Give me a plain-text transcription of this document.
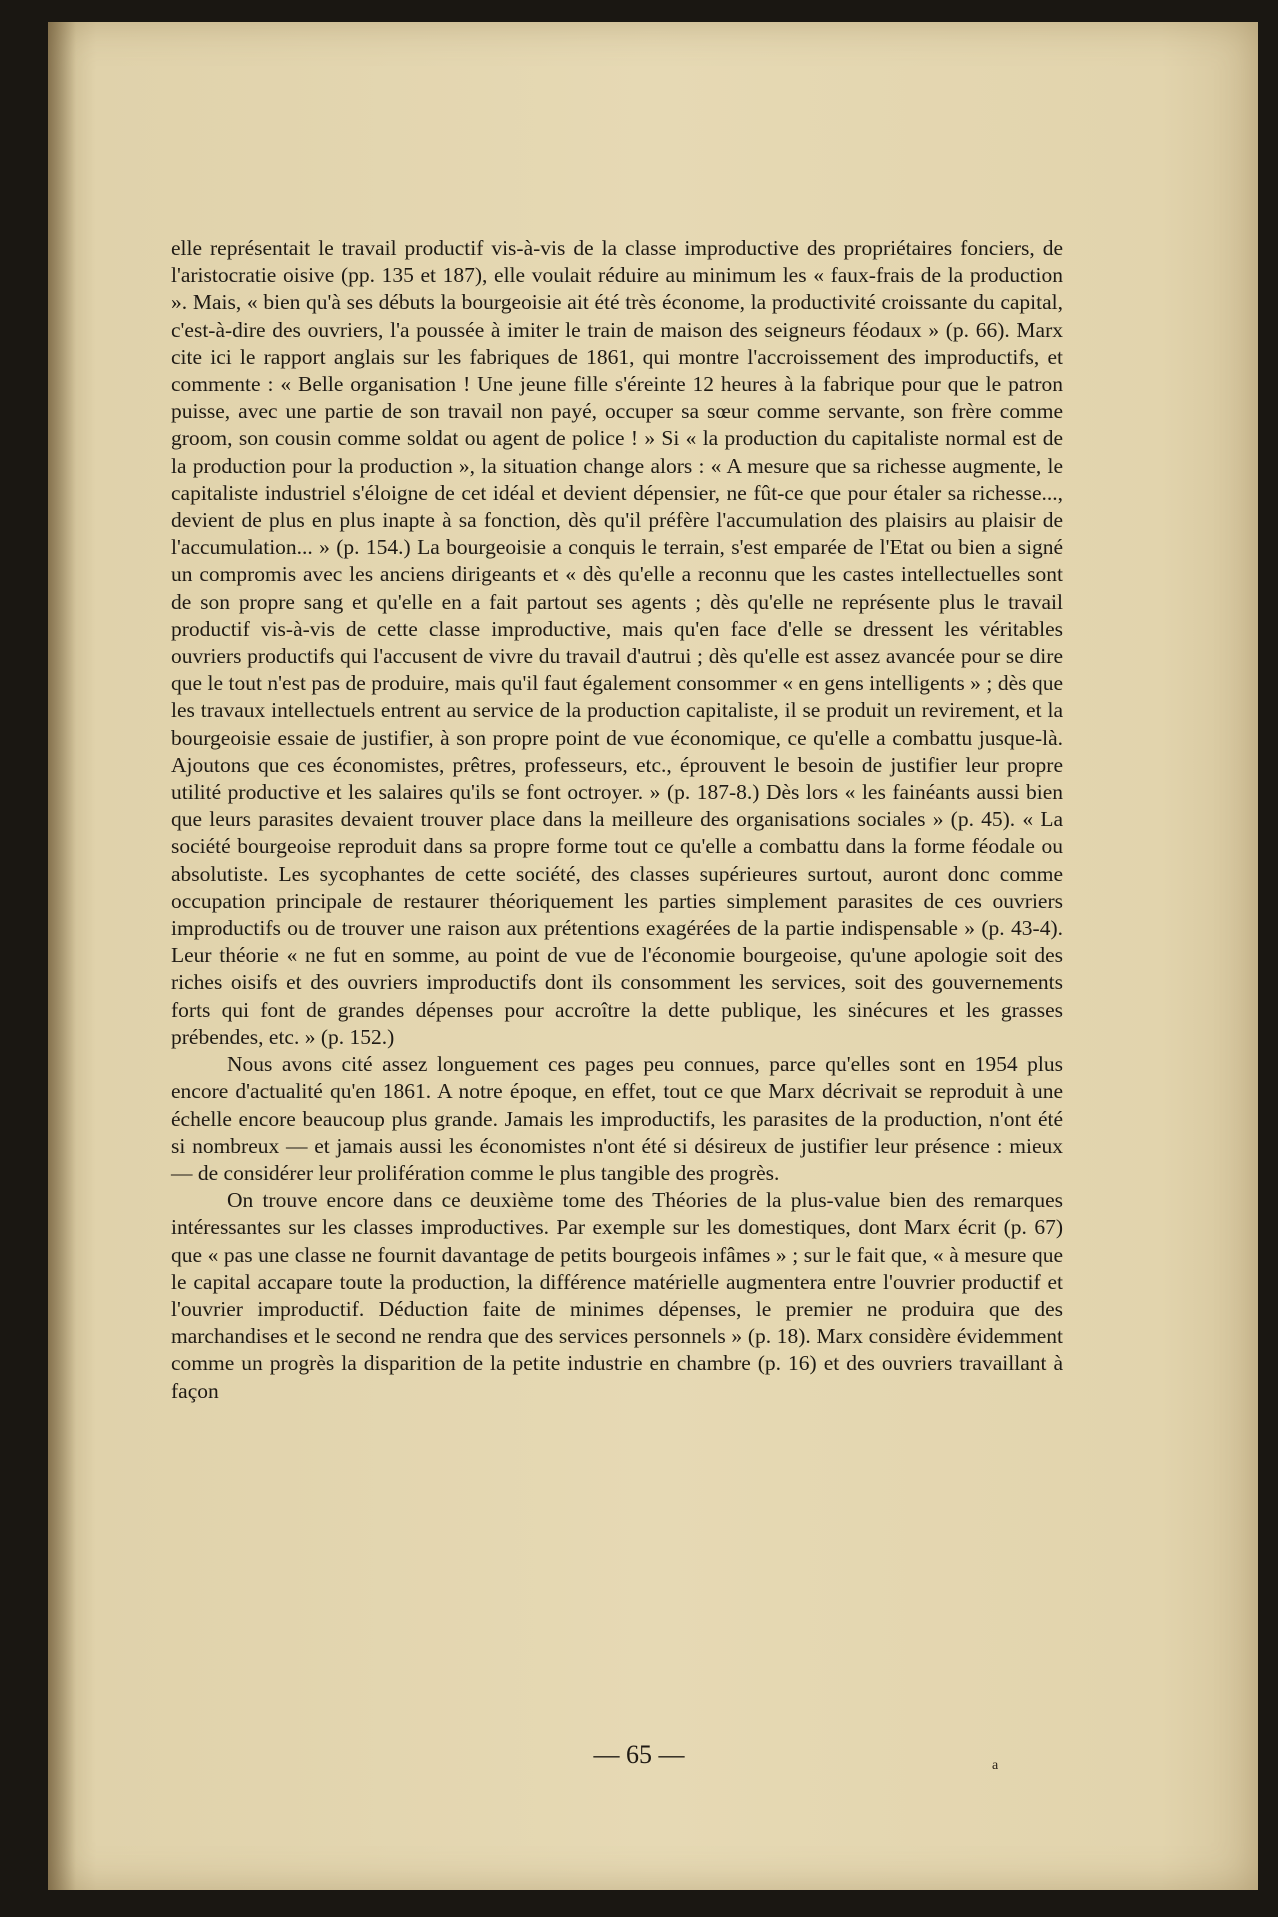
elle représentait le travail productif vis-à-vis de la classe improductive des propriétaires fonciers, de l'aristocratie oisive (pp. 135 et 187), elle voulait réduire au minimum les « faux-frais de la production ». Mais, « bien qu'à ses débuts la bourgeoisie ait été très économe, la productivité croissante du capital, c'est-à-dire des ouvriers, l'a poussée à imiter le train de maison des seigneurs féodaux » (p. 66). Marx cite ici le rapport anglais sur les fabriques de 1861, qui montre l'accroissement des improductifs, et commente : « Belle organisation ! Une jeune fille s'éreinte 12 heures à la fabrique pour que le patron puisse, avec une partie de son travail non payé, occuper sa sœur comme servante, son frère comme groom, son cousin comme soldat ou agent de police ! » Si « la production du capitaliste normal est de la production pour la production », la situation change alors : « A mesure que sa richesse augmente, le capitaliste industriel s'éloigne de cet idéal et devient dépensier, ne fût-ce que pour étaler sa richesse..., devient de plus en plus inapte à sa fonction, dès qu'il préfère l'accumulation des plaisirs au plaisir de l'accumulation... » (p. 154.) La bourgeoisie a conquis le terrain, s'est emparée de l'Etat ou bien a signé un compromis avec les anciens dirigeants et « dès qu'elle a reconnu que les castes intellectuelles sont de son propre sang et qu'elle en a fait partout ses agents ; dès qu'elle ne représente plus le travail productif vis-à-vis de cette classe improductive, mais qu'en face d'elle se dressent les véritables ouvriers productifs qui l'accusent de vivre du travail d'autrui ; dès qu'elle est assez avancée pour se dire que le tout n'est pas de produire, mais qu'il faut également consommer « en gens intelligents » ; dès que les travaux intellectuels entrent au service de la production capitaliste, il se produit un revirement, et la bourgeoisie essaie de justifier, à son propre point de vue économique, ce qu'elle a combattu jusque-là. Ajoutons que ces économistes, prêtres, professeurs, etc., éprouvent le besoin de justifier leur propre utilité productive et les salaires qu'ils se font octroyer. » (p. 187-8.) Dès lors « les fainéants aussi bien que leurs parasites devaient trouver place dans la meilleure des organisations sociales » (p. 45). « La société bourgeoise reproduit dans sa propre forme tout ce qu'elle a combattu dans la forme féodale ou absolutiste. Les sycophantes de cette société, des classes supérieures surtout, auront donc comme occupation principale de restaurer théoriquement les parties simplement parasites de ces ouvriers improductifs ou de trouver une raison aux prétentions exagérées de la partie indispensable » (p. 43-4). Leur théorie « ne fut en somme, au point de vue de l'économie bourgeoise, qu'une apologie soit des riches oisifs et des ouvriers improductifs dont ils consomment les services, soit des gouvernements forts qui font de grandes dépenses pour accroître la dette publique, les sinécures et les grasses prébendes, etc. » (p. 152.)

Nous avons cité assez longuement ces pages peu connues, parce qu'elles sont en 1954 plus encore d'actualité qu'en 1861. A notre époque, en effet, tout ce que Marx décrivait se reproduit à une échelle encore beaucoup plus grande. Jamais les improductifs, les parasites de la production, n'ont été si nombreux — et jamais aussi les économistes n'ont été si désireux de justifier leur présence : mieux — de considérer leur prolifération comme le plus tangible des progrès.

On trouve encore dans ce deuxième tome des Théories de la plus-value bien des remarques intéressantes sur les classes improductives. Par exemple sur les domestiques, dont Marx écrit (p. 67) que « pas une classe ne fournit davantage de petits bourgeois infâmes » ; sur le fait que, « à mesure que le capital accapare toute la production, la différence matérielle augmentera entre l'ouvrier productif et l'ouvrier improductif. Déduction faite de minimes dépenses, le premier ne produira que des marchandises et le second ne rendra que des services personnels » (p. 18). Marx considère évidemment comme un progrès la disparition de la petite industrie en chambre (p. 16) et des ouvriers travaillant à façon

— 65 —	a
